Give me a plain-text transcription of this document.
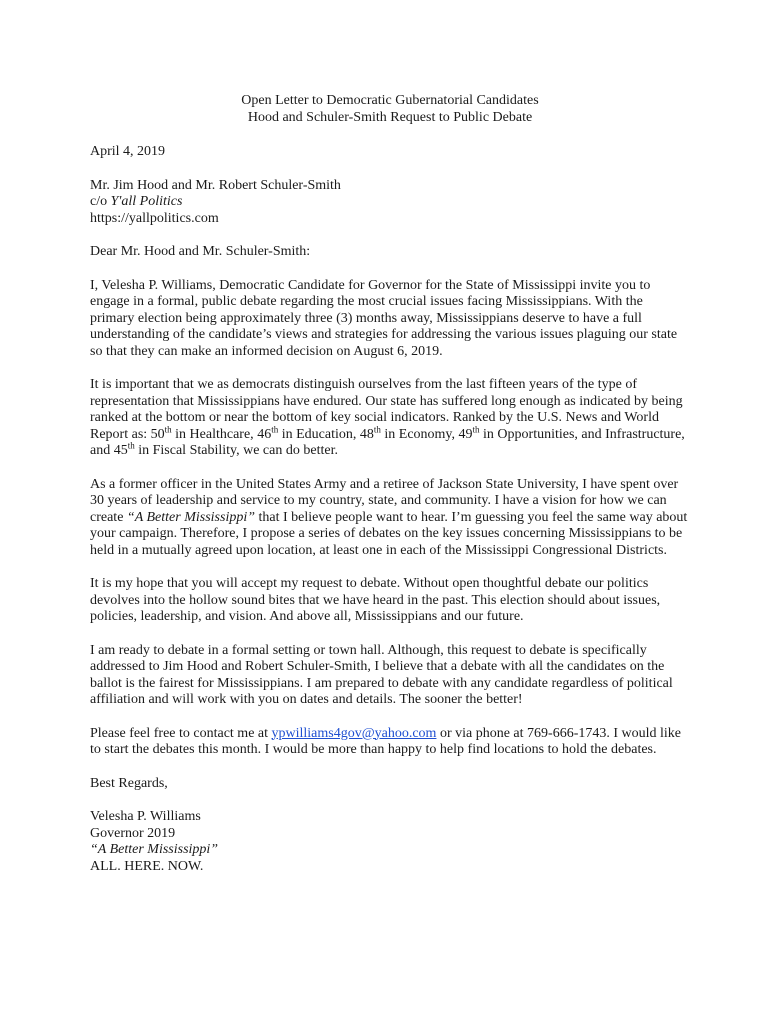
Open Letter to Democratic Gubernatorial Candidates

Hood and Schuler-Smith Request to Public Debate

April 4, 2019

Mr. Jim Hood and Mr. Robert Schuler-Smith
c/o Y'all Politics
https://yallpolitics.com

Dear Mr. Hood and Mr. Schuler-Smith:

I, Velesha P. Williams, Democratic Candidate for Governor for the State of Mississippi invite you to engage in a formal, public debate regarding the most crucial issues facing Mississippians. With the primary election being approximately three (3) months away, Mississippians deserve to have a full understanding of the candidate’s views and strategies for addressing the various issues plaguing our state so that they can make an informed decision on August 6, 2019.

It is important that we as democrats distinguish ourselves from the last fifteen years of the type of representation that Mississippians have endured. Our state has suffered long enough as indicated by being ranked at the bottom or near the bottom of key social indicators. Ranked by the U.S. News and World Report as: 50th in Healthcare, 46th in Education, 48th in Economy, 49th in Opportunities, and Infrastructure, and 45th in Fiscal Stability, we can do better.

As a former officer in the United States Army and a retiree of Jackson State University, I have spent over 30 years of leadership and service to my country, state, and community. I have a vision for how we can create “A Better Mississippi” that I believe people want to hear. I’m guessing you feel the same way about your campaign. Therefore, I propose a series of debates on the key issues concerning Mississippians to be held in a mutually agreed upon location, at least one in each of the Mississippi Congressional Districts.

It is my hope that you will accept my request to debate. Without open thoughtful debate our politics devolves into the hollow sound bites that we have heard in the past. This election should about issues, policies, leadership, and vision. And above all, Mississippians and our future.

I am ready to debate in a formal setting or town hall. Although, this request to debate is specifically addressed to Jim Hood and Robert Schuler-Smith, I believe that a debate with all the candidates on the ballot is the fairest for Mississippians. I am prepared to debate with any candidate regardless of political affiliation and will work with you on dates and details. The sooner the better!

Please feel free to contact me at ypwilliams4gov@yahoo.com or via phone at 769-666-1743. I would like to start the debates this month. I would be more than happy to help find locations to hold the debates.

Best Regards,

Velesha P. Williams
Governor 2019
“A Better Mississippi”
ALL. HERE. NOW.
